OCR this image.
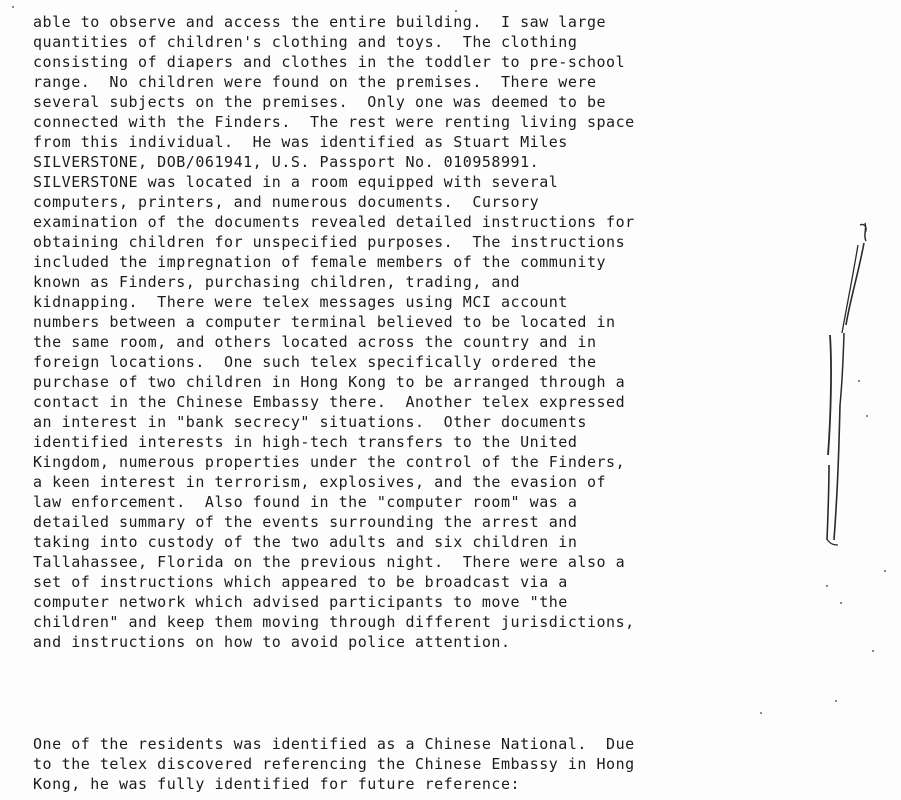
able to observe and access the entire building.  I saw large
quantities of children's clothing and toys.  The clothing
consisting of diapers and clothes in the toddler to pre-school
range.  No children were found on the premises.  There were
several subjects on the premises.  Only one was deemed to be
connected with the Finders.  The rest were renting living space
from this individual.  He was identified as Stuart Miles
SILVERSTONE, DOB/061941, U.S. Passport No. 010958991.
SILVERSTONE was located in a room equipped with several
computers, printers, and numerous documents.  Cursory
examination of the documents revealed detailed instructions for
obtaining children for unspecified purposes.  The instructions
included the impregnation of female members of the community
known as Finders, purchasing children, trading, and
kidnapping.  There were telex messages using MCI account
numbers between a computer terminal believed to be located in
the same room, and others located across the country and in
foreign locations.  One such telex specifically ordered the
purchase of two children in Hong Kong to be arranged through a
contact in the Chinese Embassy there.  Another telex expressed
an interest in "bank secrecy" situations.  Other documents
identified interests in high-tech transfers to the United
Kingdom, numerous properties under the control of the Finders,
a keen interest in terrorism, explosives, and the evasion of
law enforcement.  Also found in the "computer room" was a
detailed summary of the events surrounding the arrest and
taking into custody of the two adults and six children in
Tallahassee, Florida on the previous night.  There were also a
set of instructions which appeared to be broadcast via a
computer network which advised participants to move "the
children" and keep them moving through different jurisdictions,
and instructions on how to avoid police attention.
One of the residents was identified as a Chinese National.  Due
to the telex discovered referencing the Chinese Embassy in Hong
Kong, he was fully identified for future reference:
